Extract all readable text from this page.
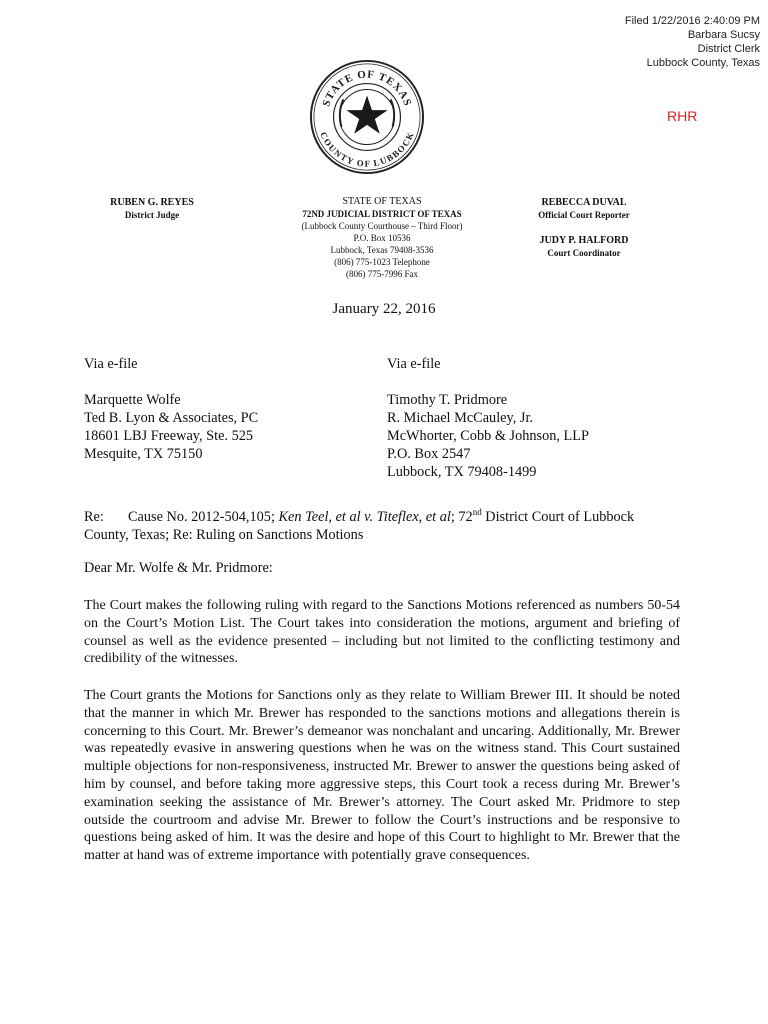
Filed 1/22/2016 2:40:09 PM
Barbara Sucsy
District Clerk
Lubbock County, Texas
RHR
STATE OF TEXAS
COUNTY OF LUBBOCK
RUBEN G. REYES
District Judge
STATE OF TEXAS
72ND JUDICIAL DISTRICT OF TEXAS
(Lubbock County Courthouse – Third Floor)
P.O. Box 10536
Lubbock, Texas 79408-3536
(806) 775-1023 Telephone
(806) 775-7996 Fax
REBECCA DUVAL
Official Court Reporter
JUDY P. HALFORD
Court Coordinator
January 22, 2016
Via e-file
Marquette Wolfe
Ted B. Lyon & Associates, PC
18601 LBJ Freeway, Ste. 525
Mesquite, TX 75150
Via e-file
Timothy T. Pridmore
R. Michael McCauley, Jr.
McWhorter, Cobb & Johnson, LLP
P.O. Box 2547
Lubbock, TX 79408-1499
Re: Cause No. 2012-504,105; Ken Teel, et al v. Titeflex, et al; 72nd District Court of Lubbock
County, Texas; Re: Ruling on Sanctions Motions
Dear Mr. Wolfe & Mr. Pridmore:
The Court makes the following ruling with regard to the Sanctions Motions referenced as numbers 50-54 on the Court’s Motion List. The Court takes into consideration the motions, argument and briefing of counsel as well as the evidence presented – including but not limited to the conflicting testimony and credibility of the witnesses.
The Court grants the Motions for Sanctions only as they relate to William Brewer III. It should be noted that the manner in which Mr. Brewer has responded to the sanctions motions and allegations therein is concerning to this Court. Mr. Brewer’s demeanor was nonchalant and uncaring. Additionally, Mr. Brewer was repeatedly evasive in answering questions when he was on the witness stand. This Court sustained multiple objections for non-responsiveness, instructed Mr. Brewer to answer the questions being asked of him by counsel, and before taking more aggressive steps, this Court took a recess during Mr. Brewer’s examination seeking the assistance of Mr. Brewer’s attorney. The Court asked Mr. Pridmore to step outside the courtroom and advise Mr. Brewer to follow the Court’s instructions and be responsive to questions being asked of him. It was the desire and hope of this Court to highlight to Mr. Brewer that the matter at hand was of extreme importance with potentially grave consequences.
